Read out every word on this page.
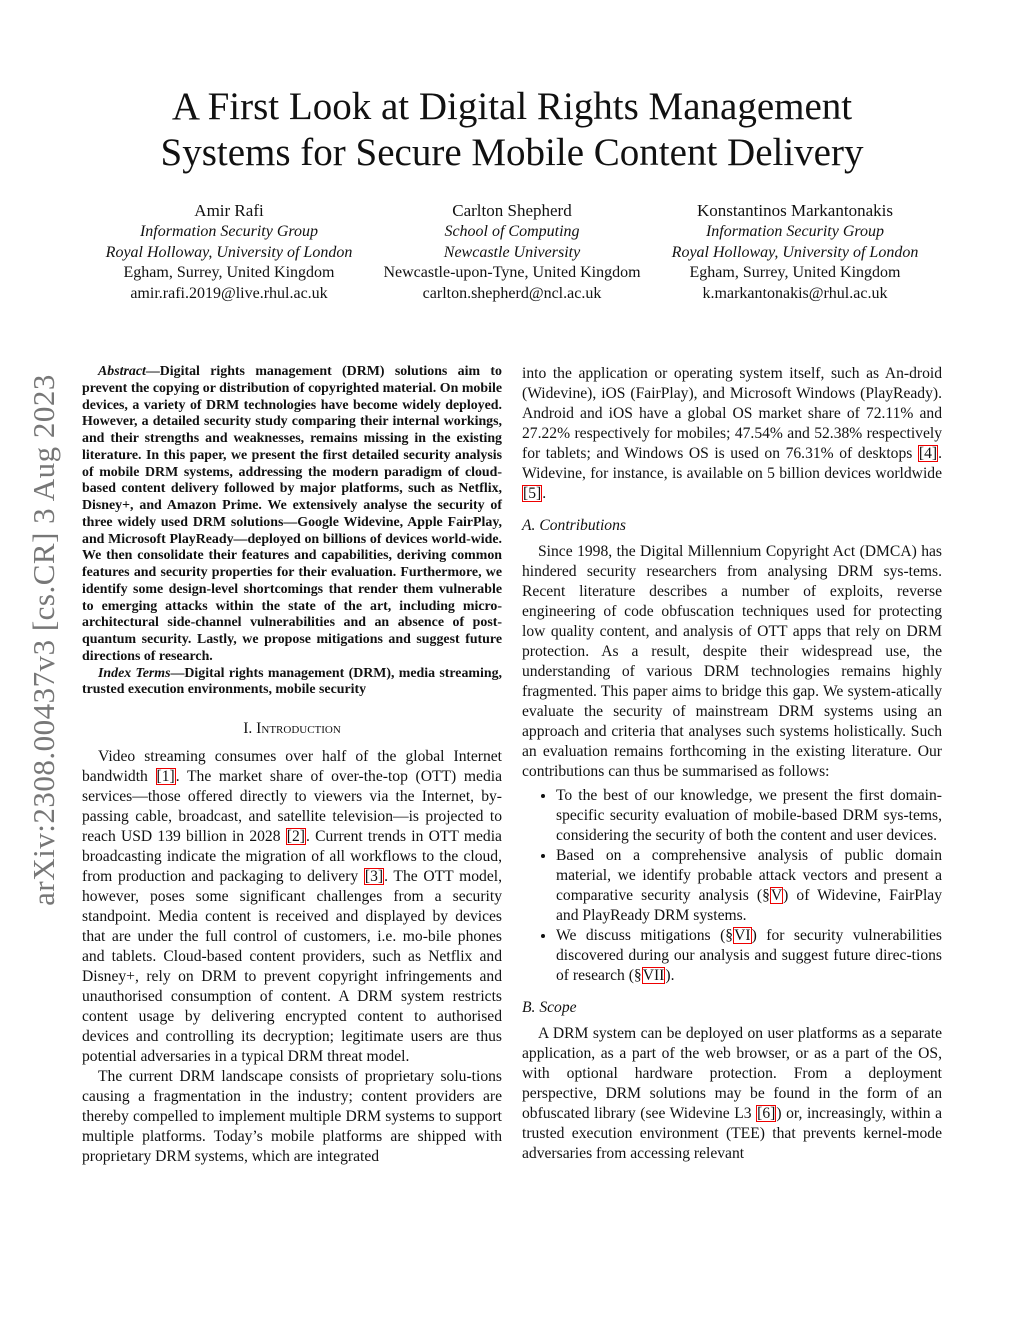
A First Look at Digital Rights Management
Systems for Secure Mobile Content Delivery
Amir Rafi
Information Security Group
Royal Holloway, University of London
Egham, Surrey, United Kingdom
amir.rafi.2019@live.rhul.ac.uk
Carlton Shepherd
School of Computing
Newcastle University
Newcastle-upon-Tyne, United Kingdom
carlton.shepherd@ncl.ac.uk
Konstantinos Markantonakis
Information Security Group
Royal Holloway, University of London
Egham, Surrey, United Kingdom
k.markantonakis@rhul.ac.uk
arXiv:2308.00437v3 [cs.CR] 3 Aug 2023

Abstract—Digital rights management (DRM) solutions aim to prevent the copying or distribution of copyrighted material. On mobile devices, a variety of DRM technologies have become widely deployed. However, a detailed security study comparing their internal workings, and their strengths and weaknesses, remains missing in the existing literature. In this paper, we present the first detailed security analysis of mobile DRM systems, addressing the modern paradigm of cloud-based content delivery followed by major platforms, such as Netflix, Disney+, and Amazon Prime. We extensively analyse the security of three widely used DRM solutions—Google Widevine, Apple FairPlay, and Microsoft PlayReady—deployed on billions of devices world-wide. We then consolidate their features and capabilities, deriving common features and security properties for their evaluation. Furthermore, we identify some design-level shortcomings that render them vulnerable to emerging attacks within the state of the art, including micro-architectural side-channel vulnerabilities and an absence of post-quantum security. Lastly, we propose mitigations and suggest future directions of research.

Index Terms—Digital rights management (DRM), media streaming, trusted execution environments, mobile security

I. Introduction

Video streaming consumes over half of the global Internet bandwidth [1]. The market share of over-the-top (OTT) media services—those offered directly to viewers via the Internet, by-passing cable, broadcast, and satellite television—is projected to reach USD 139 billion in 2028 [2]. Current trends in OTT media broadcasting indicate the migration of all workflows to the cloud, from production and packaging to delivery [3]. The OTT model, however, poses some significant challenges from a security standpoint. Media content is received and displayed by devices that are under the full control of customers, i.e. mo-bile phones and tablets. Cloud-based content providers, such as Netflix and Disney+, rely on DRM to prevent copyright infringements and unauthorised consumption of content. A DRM system restricts content usage by delivering encrypted content to authorised devices and controlling its decryption; legitimate users are thus potential adversaries in a typical DRM threat model.

The current DRM landscape consists of proprietary solu-tions causing a fragmentation in the industry; content providers are thereby compelled to implement multiple DRM systems to support multiple platforms. Today’s mobile platforms are shipped with proprietary DRM systems, which are integrated

into the application or operating system itself, such as An-droid (Widevine), iOS (FairPlay), and Microsoft Windows (PlayReady). Android and iOS have a global OS market share of 72.11% and 27.22% respectively for mobiles; 47.54% and 52.38% respectively for tablets; and Windows OS is used on 76.31% of desktops [4]. Widevine, for instance, is available on 5 billion devices worldwide [5].

A. Contributions

Since 1998, the Digital Millennium Copyright Act (DMCA) has hindered security researchers from analysing DRM sys-tems. Recent literature describes a number of exploits, reverse engineering of code obfuscation techniques used for protecting low quality content, and analysis of OTT apps that rely on DRM protection. As a result, despite their widespread use, the understanding of various DRM technologies remains highly fragmented. This paper aims to bridge this gap. We system-atically evaluate the security of mainstream DRM systems using an approach and criteria that analyses such systems holistically. Such an evaluation remains forthcoming in the existing literature. Our contributions can thus be summarised as follows:

• To the best of our knowledge, we present the first domain-specific security evaluation of mobile-based DRM sys-tems, considering the security of both the content and user devices.
• Based on a comprehensive analysis of public domain material, we identify probable attack vectors and present a comparative security analysis (§V) of Widevine, FairPlay and PlayReady DRM systems.
• We discuss mitigations (§VI) for security vulnerabilities discovered during our analysis and suggest future direc-tions of research (§VII).
B. Scope

A DRM system can be deployed on user platforms as a separate application, as a part of the web browser, or as a part of the OS, with optional hardware protection. From a deployment perspective, DRM solutions may be found in the form of an obfuscated library (see Widevine L3 [6]) or, increasingly, within a trusted execution environment (TEE) that prevents kernel-mode adversaries from accessing relevant
